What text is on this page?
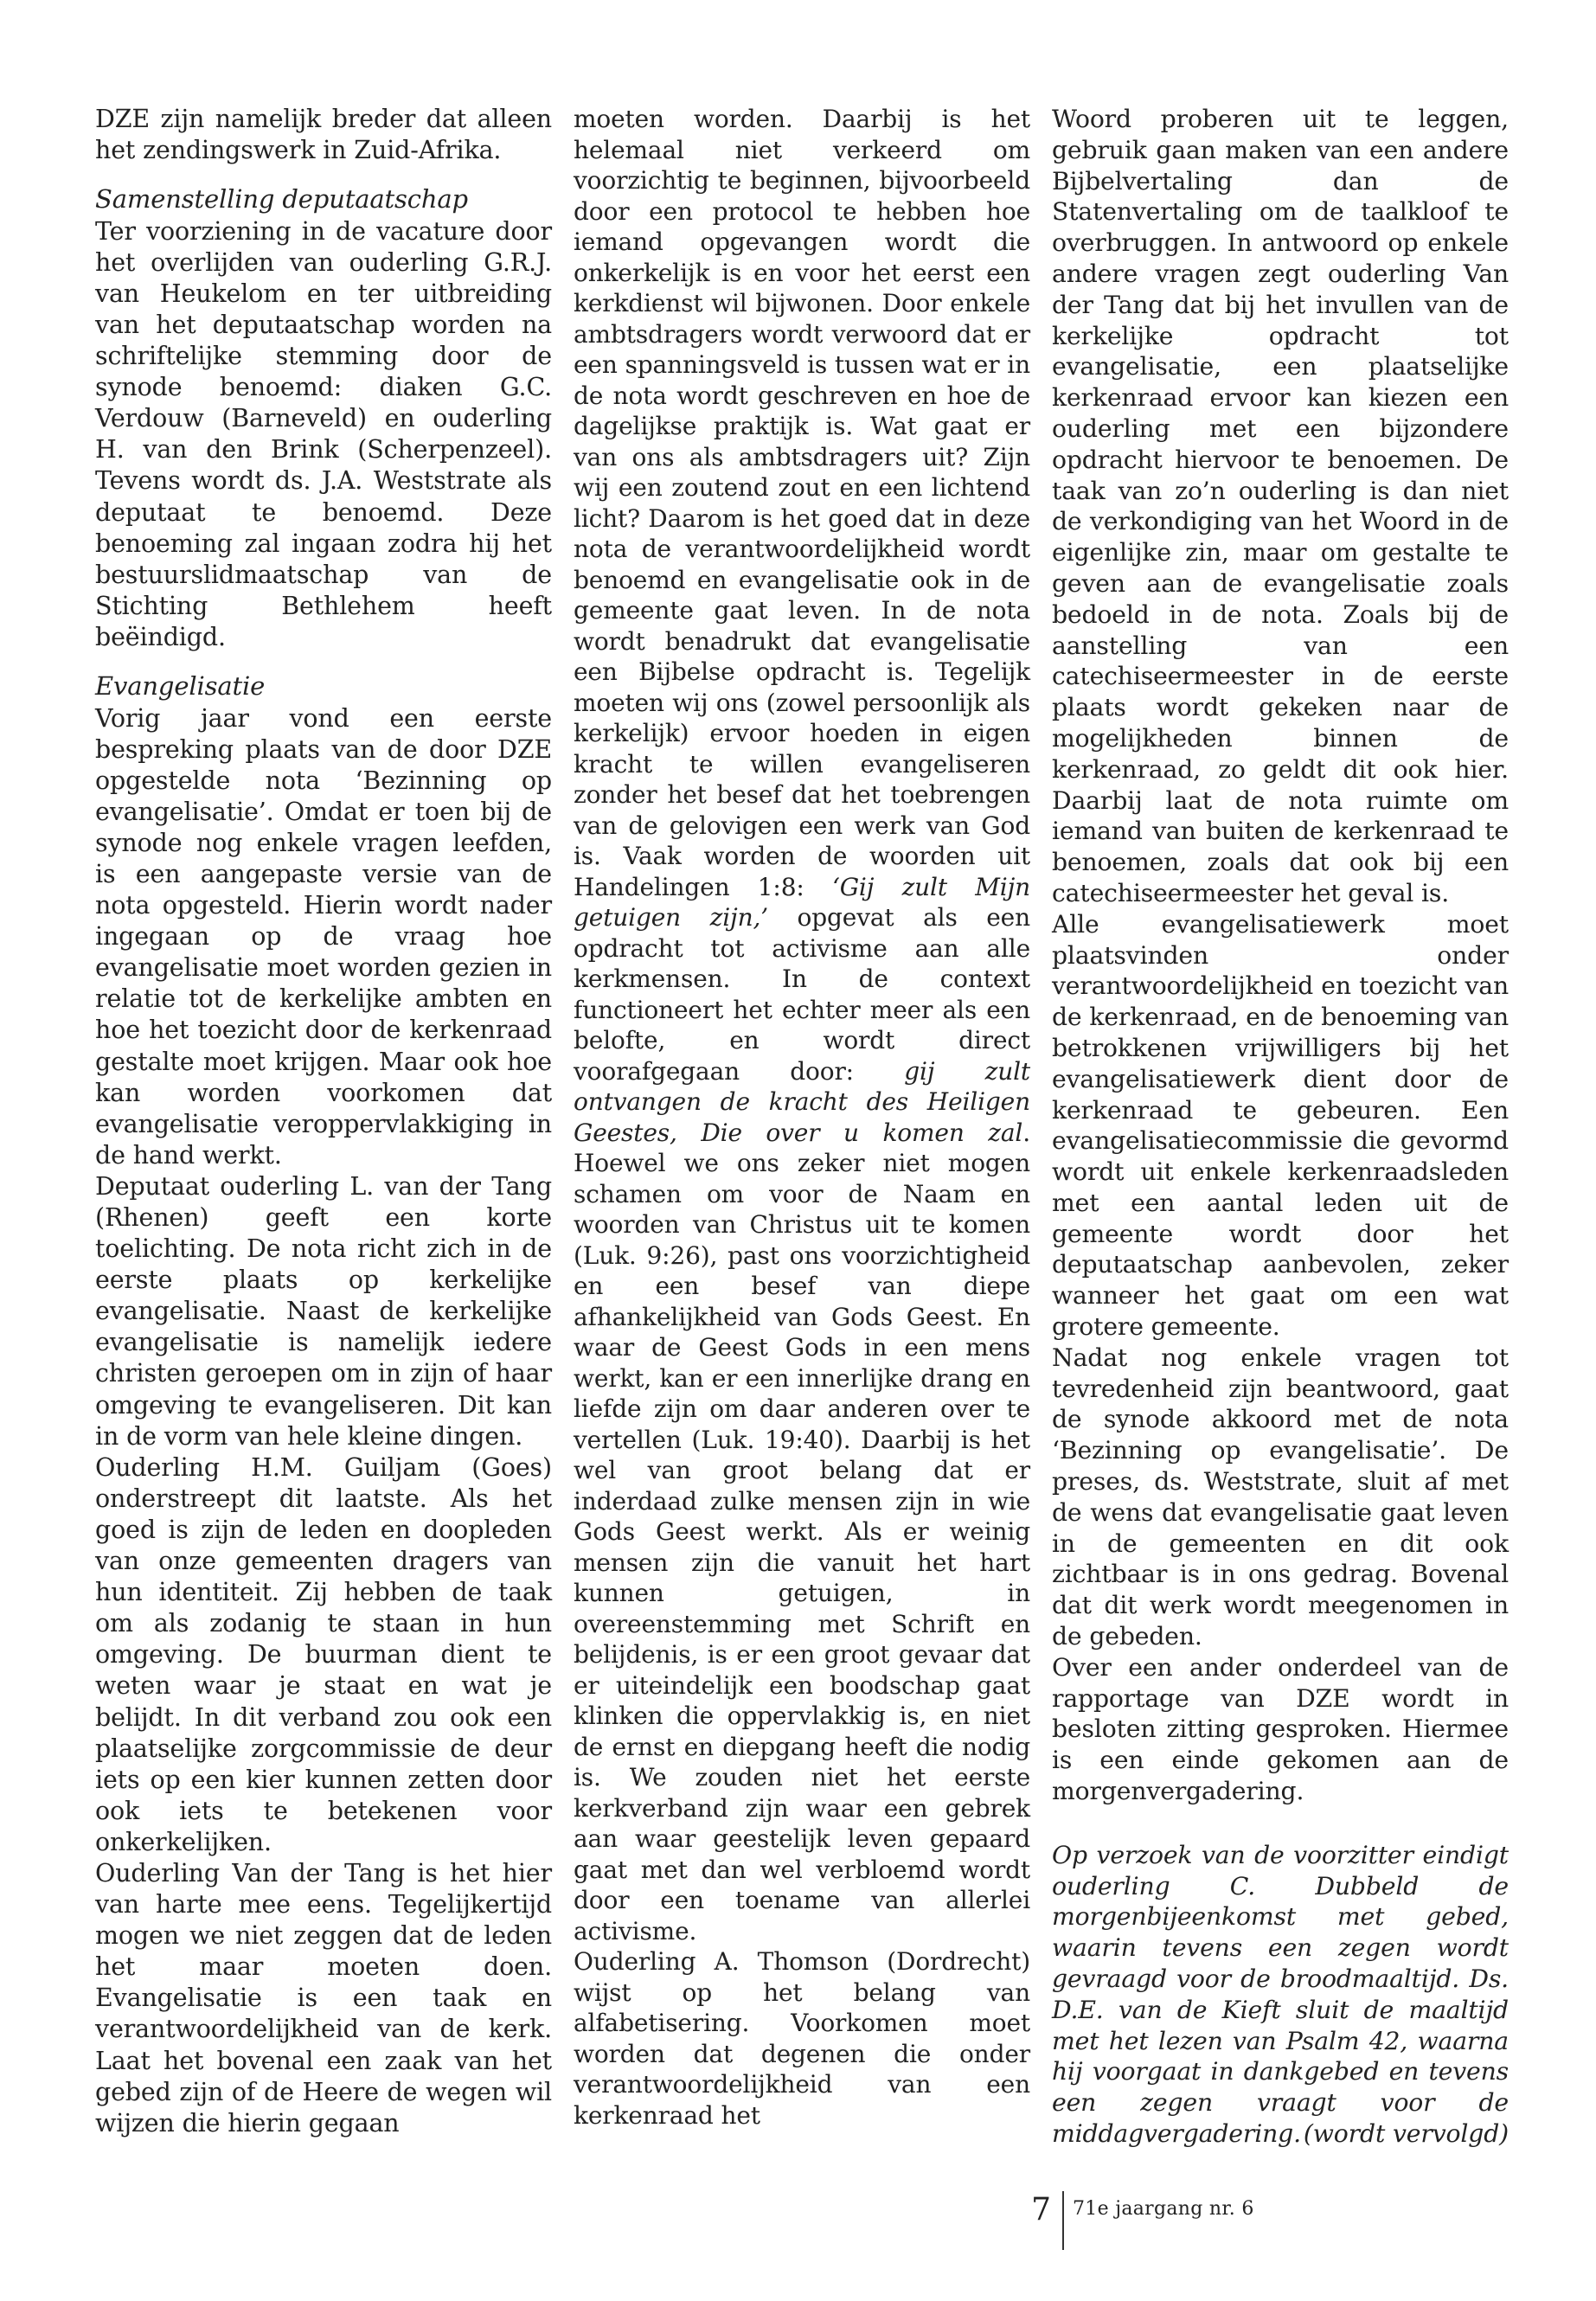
DZE zijn namelijk breder dat alleen het zendingswerk in Zuid-Afrika.

Samenstelling deputaatschap

Ter voorziening in de vacature door het overlijden van ouderling G.R.J. van Heukelom en ter uitbreiding van het deputaatschap worden na schriftelijke stemming door de synode benoemd: diaken G.C. Verdouw (Barneveld) en ouderling H. van den Brink (Scherpenzeel). Tevens wordt ds. J.A. Weststrate als deputaat te benoemd. Deze benoeming zal ingaan zodra hij het bestuurslidmaatschap van de Stichting Bethlehem heeft beëindigd.

Evangelisatie

Vorig jaar vond een eerste bespreking plaats van de door DZE opgestelde nota ‘Bezinning op evangelisatie’. Omdat er toen bij de synode nog enkele vragen leefden, is een aangepaste versie van de nota opgesteld. Hierin wordt nader ingegaan op de vraag hoe evangelisatie moet worden gezien in relatie tot de kerkelijke ambten en hoe het toezicht door de kerkenraad gestalte moet krijgen. Maar ook hoe kan worden voorkomen dat evangelisatie veroppervlakkiging in de hand werkt.

Deputaat ouderling L. van der Tang (Rhenen) geeft een korte toelichting. De nota richt zich in de eerste plaats op kerkelijke evangelisatie. Naast de kerkelijke evangelisatie is namelijk iedere christen geroepen om in zijn of haar omgeving te evangeliseren. Dit kan in de vorm van hele kleine dingen.

Ouderling H.M. Guiljam (Goes) onderstreept dit laatste. Als het goed is zijn de leden en doopleden van onze gemeenten dragers van hun identiteit. Zij hebben de taak om als zodanig te staan in hun omgeving. De buurman dient te weten waar je staat en wat je belijdt. In dit verband zou ook een plaatselijke zorgcommissie de deur iets op een kier kunnen zetten door ook iets te betekenen voor onkerkelijken.

Ouderling Van der Tang is het hier van harte mee eens. Tegelijkertijd mogen we niet zeggen dat de leden het maar moeten doen. Evangelisatie is een taak en verantwoordelijkheid van de kerk. Laat het bovenal een zaak van het gebed zijn of de Heere de wegen wil wijzen die hierin gegaan

moeten worden. Daarbij is het helemaal niet verkeerd om voorzichtig te beginnen, bijvoorbeeld door een protocol te hebben hoe iemand opgevangen wordt die onkerkelijk is en voor het eerst een kerkdienst wil bijwonen. Door enkele ambtsdragers wordt verwoord dat er een spanningsveld is tussen wat er in de nota wordt geschreven en hoe de dagelijkse praktijk is. Wat gaat er van ons als ambtsdragers uit? Zijn wij een zoutend zout en een lichtend licht? Daarom is het goed dat in deze nota de verantwoordelijkheid wordt benoemd en evangelisatie ook in de gemeente gaat leven. In de nota wordt benadrukt dat evangelisatie een Bijbelse opdracht is. Tegelijk moeten wij ons (zowel persoonlijk als kerkelijk) ervoor hoeden in eigen kracht te willen evangeliseren zonder het besef dat het toebrengen van de gelovigen een werk van God is. Vaak worden de woorden uit Handelingen 1:8: ‘Gij zult Mijn getuigen zijn,’ opgevat als een opdracht tot activisme aan alle kerkmensen. In de context functioneert het echter meer als een belofte, en wordt direct voorafgegaan door: gij zult ontvangen de kracht des Heiligen Geestes, Die over u komen zal. Hoewel we ons zeker niet mogen schamen om voor de Naam en woorden van Christus uit te komen (Luk. 9:26), past ons voorzichtigheid en een besef van diepe afhankelijkheid van Gods Geest. En waar de Geest Gods in een mens werkt, kan er een innerlijke drang en liefde zijn om daar anderen over te vertellen (Luk. 19:40). Daarbij is het wel van groot belang dat er inderdaad zulke mensen zijn in wie Gods Geest werkt. Als er weinig mensen zijn die vanuit het hart kunnen getuigen, in overeenstemming met Schrift en belijdenis, is er een groot gevaar dat er uiteindelijk een boodschap gaat klinken die oppervlakkig is, en niet de ernst en diepgang heeft die nodig is. We zouden niet het eerste kerkverband zijn waar een gebrek aan waar geestelijk leven gepaard gaat met dan wel verbloemd wordt door een toename van allerlei activisme.

Ouderling A. Thomson (Dordrecht) wijst op het belang van alfabetisering. Voorkomen moet worden dat degenen die onder verantwoordelijkheid van een kerkenraad het

Woord proberen uit te leggen, gebruik gaan maken van een andere Bijbelvertaling dan de Statenvertaling om de taalkloof te overbruggen. In antwoord op enkele andere vragen zegt ouderling Van der Tang dat bij het invullen van de kerkelijke opdracht tot evangelisatie, een plaatselijke kerkenraad ervoor kan kiezen een ouderling met een bijzondere opdracht hiervoor te benoemen. De taak van zo’n ouderling is dan niet de verkondiging van het Woord in de eigenlijke zin, maar om gestalte te geven aan de evangelisatie zoals bedoeld in de nota. Zoals bij de aanstelling van een catechiseermeester in de eerste plaats wordt gekeken naar de mogelijkheden binnen de kerkenraad, zo geldt dit ook hier. Daarbij laat de nota ruimte om iemand van buiten de kerkenraad te benoemen, zoals dat ook bij een catechiseermeester het geval is.

Alle evangelisatiewerk moet plaatsvinden onder verantwoordelijkheid en toezicht van de kerkenraad, en de benoeming van betrokkenen vrijwilligers bij het evangelisatiewerk dient door de kerkenraad te gebeuren. Een evangelisatiecommissie die gevormd wordt uit enkele kerkenraadsleden met een aantal leden uit de gemeente wordt door het deputaatschap aanbevolen, zeker wanneer het gaat om een wat grotere gemeente.

Nadat nog enkele vragen tot tevredenheid zijn beantwoord, gaat de synode akkoord met de nota ‘Bezinning op evangelisatie’. De preses, ds. Weststrate, sluit af met de wens dat evangelisatie gaat leven in de gemeenten en dit ook zichtbaar is in ons gedrag. Bovenal dat dit werk wordt meegenomen in de gebeden.

Over een ander onderdeel van de rapportage van DZE wordt in besloten zitting gesproken. Hiermee is een einde gekomen aan de morgenvergadering.

Op verzoek van de voorzitter eindigt ouderling C. Dubbeld de morgenbijeenkomst met gebed, waarin tevens een zegen wordt gevraagd voor de broodmaaltijd. Ds. D.E. van de Kieft sluit de maaltijd met het lezen van Psalm 42, waarna hij voorgaat in dankgebed en tevens een zegen vraagt voor de middagvergadering. (wordt vervolgd)

7 71e jaargang nr. 6
